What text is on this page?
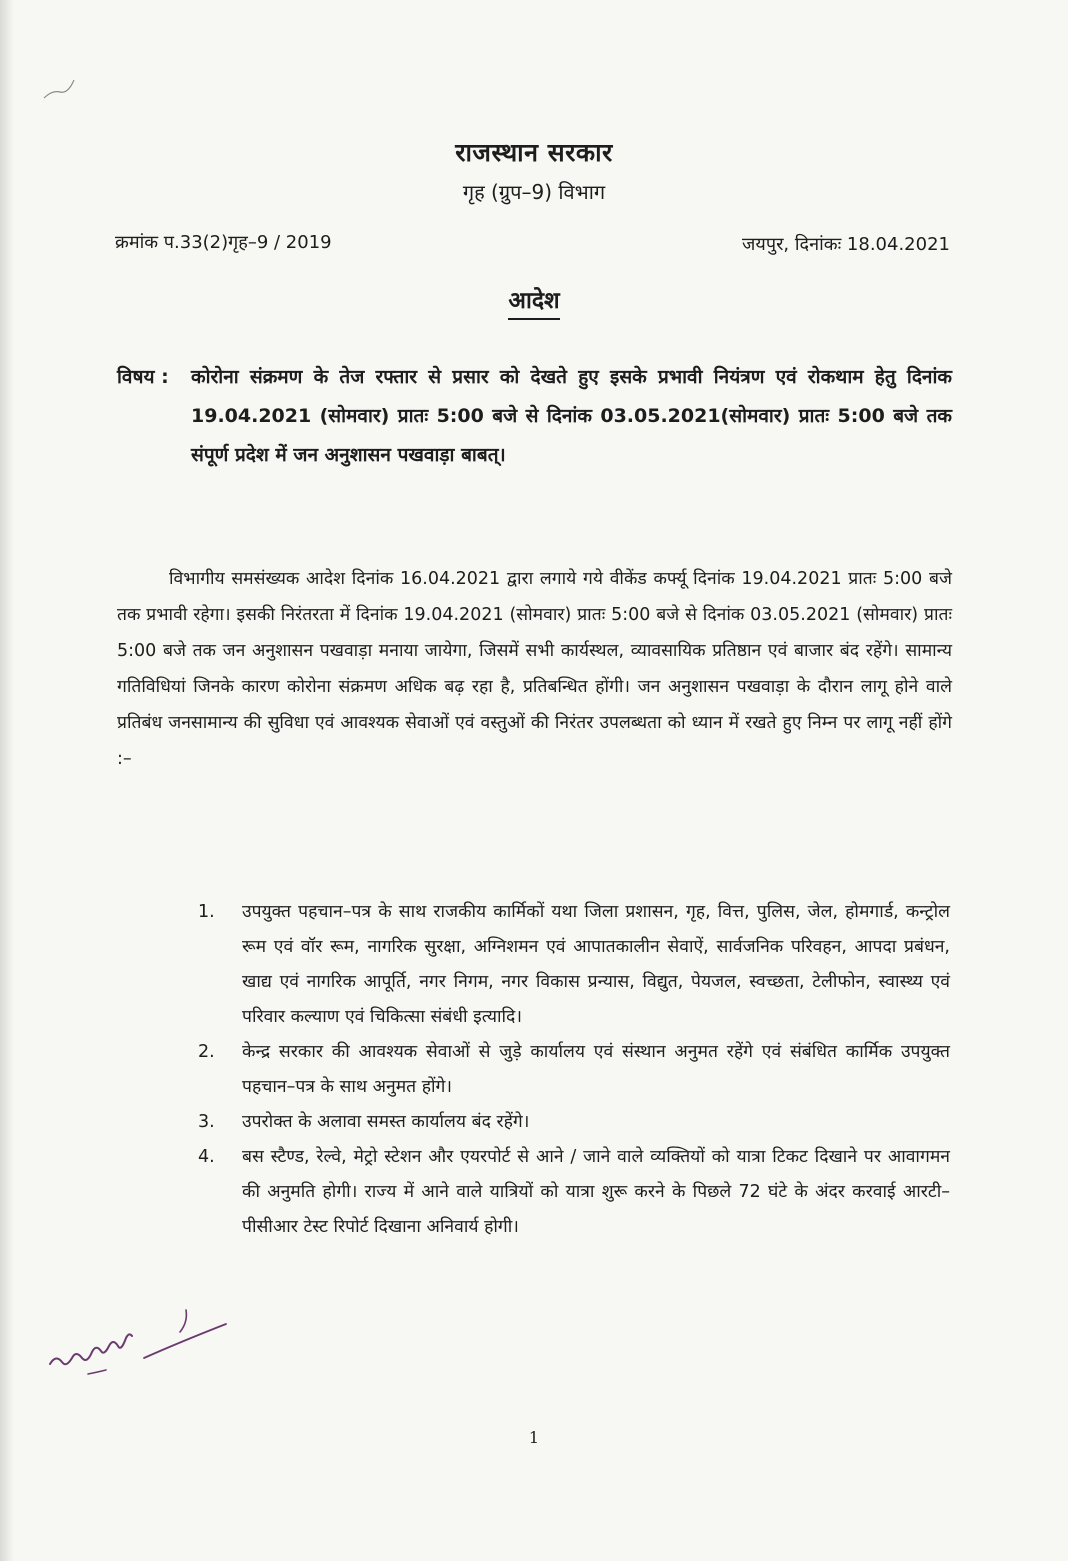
राजस्थान सरकार
गृह (ग्रुप–9) विभाग
क्रमांक प.33(2)गृह–9 / 2019	जयपुर, दिनांकः 18.04.2021
आदेश
विषय : कोरोना संक्रमण के तेज रफ्तार से प्रसार को देखते हुए इसके प्रभावी नियंत्रण एवं रोकथाम हेतु दिनांक 19.04.2021 (सोमवार) प्रातः 5:00 बजे से दिनांक 03.05.2021(सोमवार) प्रातः 5:00 बजे तक संपूर्ण प्रदेश में जन अनुशासन पखवाड़ा बाबत्।
विभागीय समसंख्यक आदेश दिनांक 16.04.2021 द्वारा लगाये गये वीकेंड कर्फ्यू दिनांक 19.04.2021 प्रातः 5:00 बजे तक प्रभावी रहेगा। इसकी निरंतरता में दिनांक 19.04.2021 (सोमवार) प्रातः 5:00 बजे से दिनांक 03.05.2021 (सोमवार) प्रातः 5:00 बजे तक जन अनुशासन पखवाड़ा मनाया जायेगा, जिसमें सभी कार्यस्थल, व्यावसायिक प्रतिष्ठान एवं बाजार बंद रहेंगे। सामान्य गतिविधियां जिनके कारण कोरोना संक्रमण अधिक बढ़ रहा है, प्रतिबन्धित होंगी। जन अनुशासन पखवाड़ा के दौरान लागू होने वाले प्रतिबंध जनसामान्य की सुविधा एवं आवश्यक सेवाओं एवं वस्तुओं की निरंतर उपलब्धता को ध्यान में रखते हुए निम्न पर लागू नहीं होंगे :–
1. उपयुक्त पहचान–पत्र के साथ राजकीय कार्मिकों यथा जिला प्रशासन, गृह, वित्त, पुलिस, जेल, होमगार्ड, कन्ट्रोल रूम एवं वॉर रूम, नागरिक सुरक्षा, अग्निशमन एवं आपातकालीन सेवाऐं, सार्वजनिक परिवहन, आपदा प्रबंधन, खाद्य एवं नागरिक आपूर्ति, नगर निगम, नगर विकास प्रन्यास, विद्युत, पेयजल, स्वच्छता, टेलीफोन, स्वास्थ्य एवं परिवार कल्याण एवं चिकित्सा संबंधी इत्यादि।
2. केन्द्र सरकार की आवश्यक सेवाओं से जुड़े कार्यालय एवं संस्थान अनुमत रहेंगे एवं संबंधित कार्मिक उपयुक्त पहचान–पत्र के साथ अनुमत होंगे।
3. उपरोक्त के अलावा समस्त कार्यालय बंद रहेंगे।
4. बस स्टैण्ड, रेल्वे, मेट्रो स्टेशन और एयरपोर्ट से आने / जाने वाले व्यक्तियों को यात्रा टिकट दिखाने पर आवागमन की अनुमति होगी। राज्य में आने वाले यात्रियों को यात्रा शुरू करने के पिछले 72 घंटे के अंदर करवाई आरटी–पीसीआर टेस्ट रिपोर्ट दिखाना अनिवार्य होगी।
1
